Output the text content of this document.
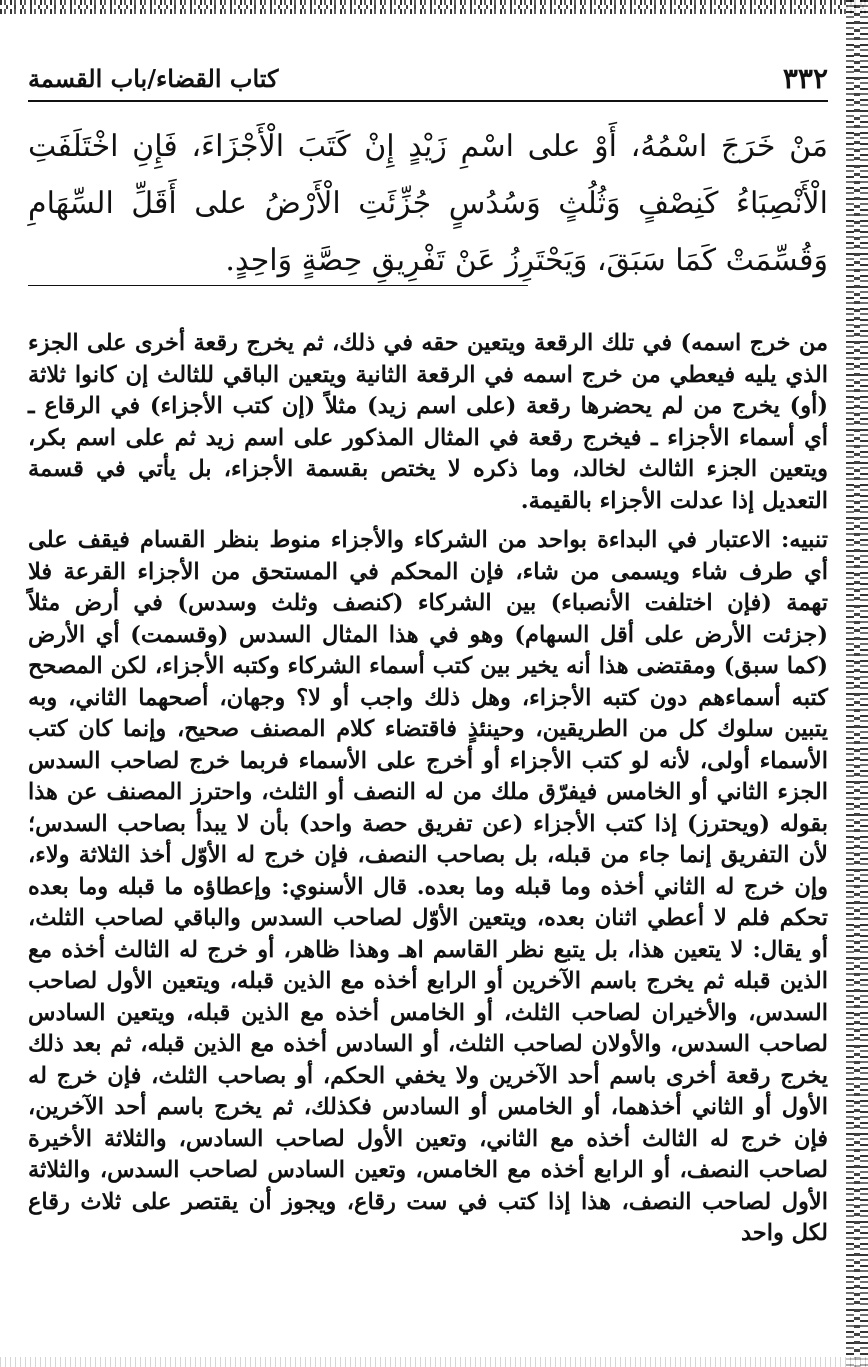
٣٣٢
كتاب القضاء/باب القسمة
مَنْ خَرَجَ اسْمُهُ، أَوْ على اسْمِ زَيْدٍ إِنْ كَتَبَ الْأَجْزَاءَ، فَإِنِ اخْتَلَفَتِ الْأَنْصِبَاءُ كَنِصْفٍ وَثُلُثٍ وَسُدُسٍ جُزِّئَتِ الْأَرْضُ على أَقَلِّ السِّهَامِ وَقُسِّمَتْ كَمَا سَبَقَ، وَيَحْتَرِزُ عَنْ تَفْرِيقِ حِصَّةٍ وَاحِدٍ.

من خرج اسمه) في تلك الرقعة ويتعين حقه في ذلك، ثم يخرج رقعة أخرى على الجزء الذي يليه فيعطي من خرج اسمه في الرقعة الثانية ويتعين الباقي للثالث إن كانوا ثلاثة (أو) يخرج من لم يحضرها رقعة (على اسم زيد) مثلاً (إن كتب الأجزاء) في الرقاع ـ أي أسماء الأجزاء ـ فيخرج رقعة في المثال المذكور على اسم زيد ثم على اسم بكر، ويتعين الجزء الثالث لخالد، وما ذكره لا يختص بقسمة الأجزاء، بل يأتي في قسمة التعديل إذا عدلت الأجزاء بالقيمة.

تنبيه: الاعتبار في البداءة بواحد من الشركاء والأجزاء منوط بنظر القسام فيقف على أي طرف شاء ويسمى من شاء، فإن المحكم في المستحق من الأجزاء القرعة فلا تهمة (فإن اختلفت الأنصباء) بين الشركاء (كنصف وثلث وسدس) في أرض مثلاً (جزئت الأرض على أقل السهام) وهو في هذا المثال السدس (وقسمت) أي الأرض (كما سبق) ومقتضى هذا أنه يخير بين كتب أسماء الشركاء وكتبه الأجزاء، لكن المصحح كتبه أسماءهم دون كتبه الأجزاء، وهل ذلك واجب أو لا؟ وجهان، أصحهما الثاني، وبه يتبين سلوك كل من الطريقين، وحينئذٍ فاقتضاء كلام المصنف صحيح، وإنما كان كتب الأسماء أولى، لأنه لو كتب الأجزاء أو أخرج على الأسماء فربما خرج لصاحب السدس الجزء الثاني أو الخامس فيفرّق ملك من له النصف أو الثلث، واحترز المصنف عن هذا بقوله (ويحترز) إذا كتب الأجزاء (عن تفريق حصة واحد) بأن لا يبدأ بصاحب السدس؛ لأن التفريق إنما جاء من قبله، بل بصاحب النصف، فإن خرج له الأوّل أخذ الثلاثة ولاء، وإن خرج له الثاني أخذه وما قبله وما بعده. قال الأسنوي: وإعطاؤه ما قبله وما بعده تحكم فلم لا أعطي اثنان بعده، ويتعين الأوّل لصاحب السدس والباقي لصاحب الثلث، أو يقال: لا يتعين هذا، بل يتبع نظر القاسم اهـ وهذا ظاهر، أو خرج له الثالث أخذه مع الذين قبله ثم يخرج باسم الآخرين أو الرابع أخذه مع الذين قبله، ويتعين الأول لصاحب السدس، والأخيران لصاحب الثلث، أو الخامس أخذه مع الذين قبله، ويتعين السادس لصاحب السدس، والأولان لصاحب الثلث، أو السادس أخذه مع الذين قبله، ثم بعد ذلك يخرج رقعة أخرى باسم أحد الآخرين ولا يخفي الحكم، أو بصاحب الثلث، فإن خرج له الأول أو الثاني أخذهما، أو الخامس أو السادس فكذلك، ثم يخرج باسم أحد الآخرين، فإن خرج له الثالث أخذه مع الثاني، وتعين الأول لصاحب السادس، والثلاثة الأخيرة لصاحب النصف، أو الرابع أخذه مع الخامس، وتعين السادس لصاحب السدس، والثلاثة الأول لصاحب النصف، هذا إذا كتب في ست رقاع، ويجوز أن يقتصر على ثلاث رقاع لكل واحد
